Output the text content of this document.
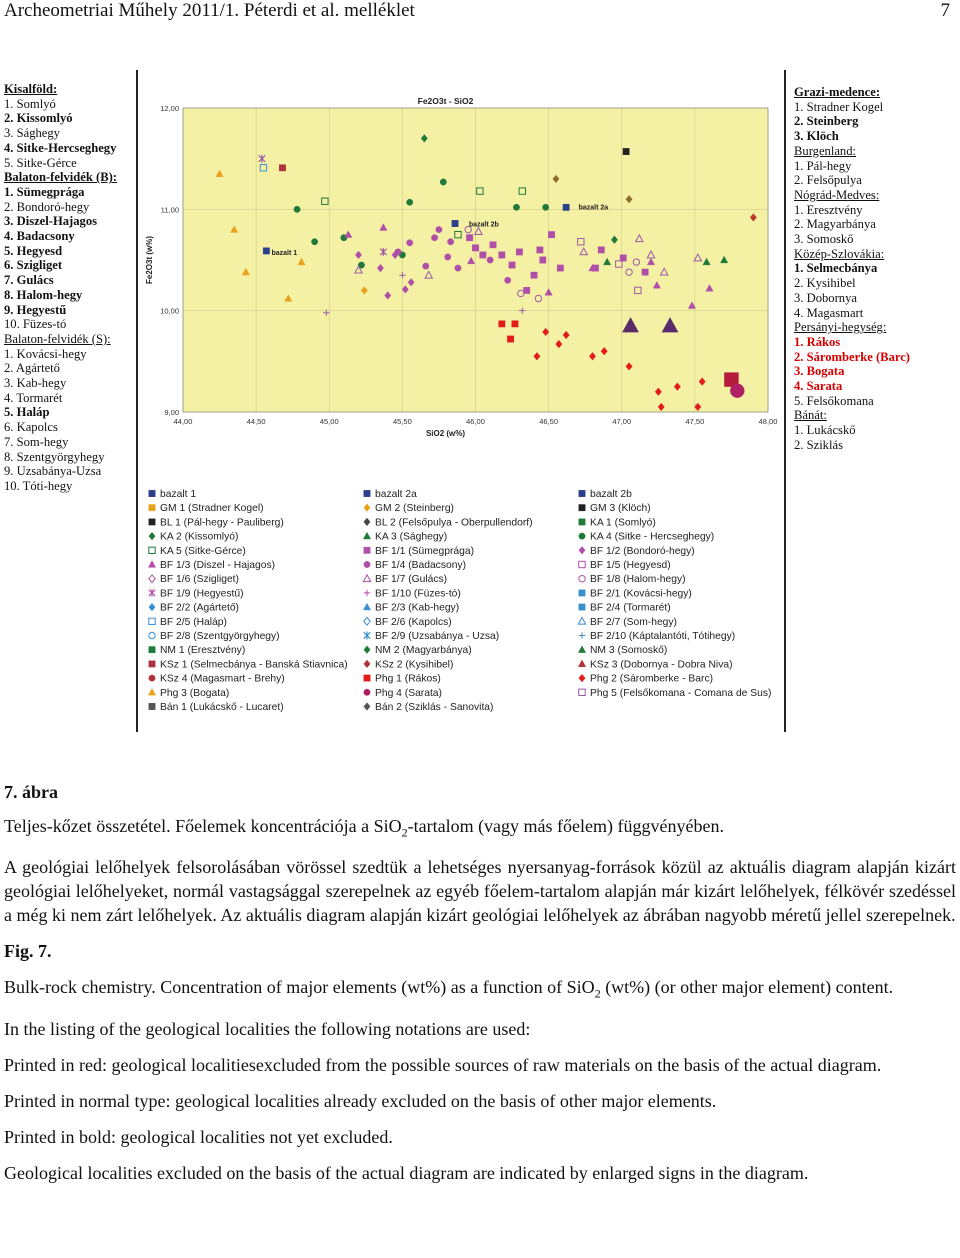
Archeometriai Műhely 2011/1. Péterdi et al. melléklet	7
Kisalföld:
1. Somlyó
2. Kissomlyó
3. Sághegy
4. Sitke-Hercseghegy
5. Sitke-Gérce
Balaton-felvidék (B):
1. Sümegprága
2. Bondoró-hegy
3. Diszel-Hajagos
4. Badacsony
5. Hegyesd
6. Szigliget
7. Gulács
8. Halom-hegy
9. Hegyestű
10. Füzes-tó
Balaton-felvidék (S):
1. Kovácsi-hegy
2. Agártető
3. Kab-hegy
4. Tormarét
5. Haláp
6. Kapolcs
7. Som-hegy
8. Szentgyörgyhegy
9. Uzsabánya-Uzsa
10. Tóti-hegy
44,00	44,50	45,00	45,50	46,00	46,50	47,00	47,50	48,00
9,00
10,00
11,00
12,00
Fe2O3t - SiO2
SiO2 (w%)
Fe2O3t (w%)	bazalt 1
bazalt 2b
bazalt 2a
bazalt 1	bazalt 2a	bazalt 2b
GM 1 (Stradner Kogel)	GM 2 (Steinberg)	GM 3 (Klöch)
BL 1 (Pál-hegy - Pauliberg)	BL 2 (Felsőpulya - Oberpullendorf)	KA 1 (Somlyó)
KA 2 (Kissomlyó)	KA 3 (Sághegy)	KA 4 (Sitke - Hercseghegy)
KA 5 (Sitke-Gérce)	BF 1/1 (Sümegprága)	BF 1/2 (Bondoró-hegy)
BF 1/3 (Diszel - Hajagos)	BF 1/4 (Badacsony)	BF 1/5 (Hegyesd)
BF 1/6 (Szigliget)	BF 1/7 (Gulács)	BF 1/8 (Halom-hegy)
BF 1/9 (Hegyestű)	BF 1/10 (Füzes-tó)	BF 2/1 (Kovácsi-hegy)
BF 2/2 (Agártető)	BF 2/3 (Kab-hegy)	BF 2/4 (Tormarét)
BF 2/5 (Haláp)	BF 2/6 (Kapolcs)	BF 2/7 (Som-hegy)
BF 2/8 (Szentgyörgyhegy)	BF 2/9 (Uzsabánya - Uzsa)	BF 2/10 (Káptalantóti, Tótihegy)
NM 1 (Eresztvény)	NM 2 (Magyarbánya)	NM 3 (Somoskő)
KSz 1 (Selmecbánya - Banská Stiavnica)	KSz 2 (Kysihibel)	KSz 3 (Dobornya - Dobra Niva)
KSz 4 (Magasmart - Brehy)	Phg 1 (Rákos)	Phg 2 (Sáromberke - Barc)
Phg 3 (Bogata)	Phg 4 (Sarata)	Phg 5 (Felsőkomana - Comana de Sus)
Bán 1 (Lukácskő - Lucaret)	Bán 2 (Sziklás - Sanovita)
Grazi-medence:
1. Stradner Kogel
2. Steinberg
3. Klöch
Burgenland:
1. Pál-hegy
2. Felsőpulya
Nógrád-Medves:
1. Eresztvény
2. Magyarbánya
3. Somoskő
Közép-Szlovákia:
1. Selmecbánya
2. Kysihibel
3. Dobornya
4. Magasmart
Persányi-hegység:
1. Rákos
2. Sáromberke (Barc)
3. Bogata
4. Sarata
5. Felsőkomana
Bánát:
1. Lukácskő
2. Sziklás

7. ábra

Teljes-kőzet összetétel. Főelemek koncentrációja a SiO$_2$-tartalom (vagy más főelem) függvényében.

A geológiai lelőhelyek felsorolásában vörössel szedtük a lehetséges nyersanyag-források közül az aktuális diagram alapján kizárt geológiai lelőhelyeket, normál vastagsággal szerepelnek az egyéb főelem-tartalom alapján már kizárt lelőhelyek, félkövér szedéssel a még ki nem zárt lelőhelyek. Az aktuális diagram alapján kizárt geológiai lelőhelyek az ábrában nagyobb méretű jellel szerepelnek.

Fig. 7.

Bulk-rock chemistry. Concentration of major elements (wt%) as a function of SiO$_2$ (wt%) (or other major element) content.

In the listing of the geological localities the following notations are used:

Printed in red: geological localitiesexcluded from the possible sources of raw materials on the basis of the actual diagram.

Printed in normal type: geological localities already excluded on the basis of other major elements.

Printed in bold: geological localities not yet excluded.

Geological localities excluded on the basis of the actual diagram are indicated by enlarged signs in the diagram.
